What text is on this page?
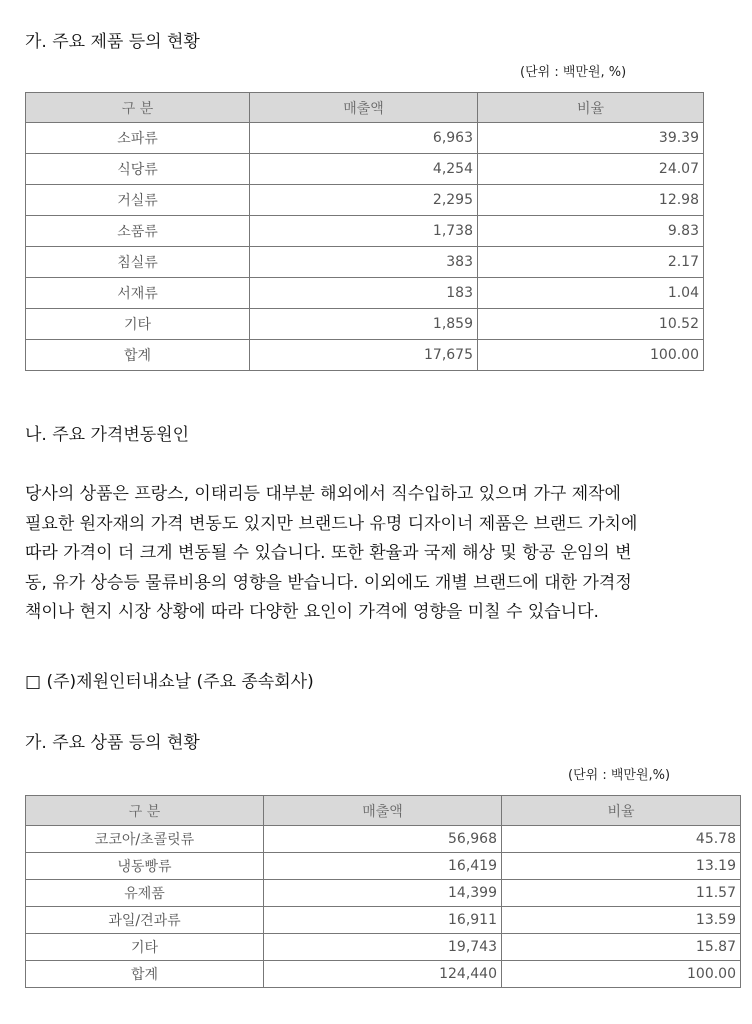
가. 주요 제품 등의 현황
(단위 : 백만원, %)
구 분	매출액	비율
소파류	6,963	39.39
식당류	4,254	24.07
거실류	2,295	12.98
소품류	1,738	9.83
침실류	383	2.17
서재류	183	1.04
기타	1,859	10.52
합계	17,675	100.00
나. 주요 가격변동원인
당사의 상품은 프랑스, 이태리등 대부분 해외에서 직수입하고 있으며 가구 제작에
필요한 원자재의 가격 변동도 있지만 브랜드나 유명 디자이너 제품은 브랜드 가치에
따라 가격이 더 크게 변동될 수 있습니다. 또한 환율과 국제 해상 및 항공 운임의 변
동, 유가 상승등 물류비용의 영향을 받습니다. 이외에도 개별 브랜드에 대한 가격정
책이나 현지 시장 상황에 따라 다양한 요인이 가격에 영향을 미칠 수 있습니다.
□ (주)제원인터내쇼날 (주요 종속회사)
가. 주요 상품 등의 현황
(단위 : 백만원,%)
구 분	매출액	비율
코코아/초콜릿류	56,968	45.78
냉동빵류	16,419	13.19
유제품	14,399	11.57
과일/견과류	16,911	13.59
기타	19,743	15.87
합계	124,440	100.00
